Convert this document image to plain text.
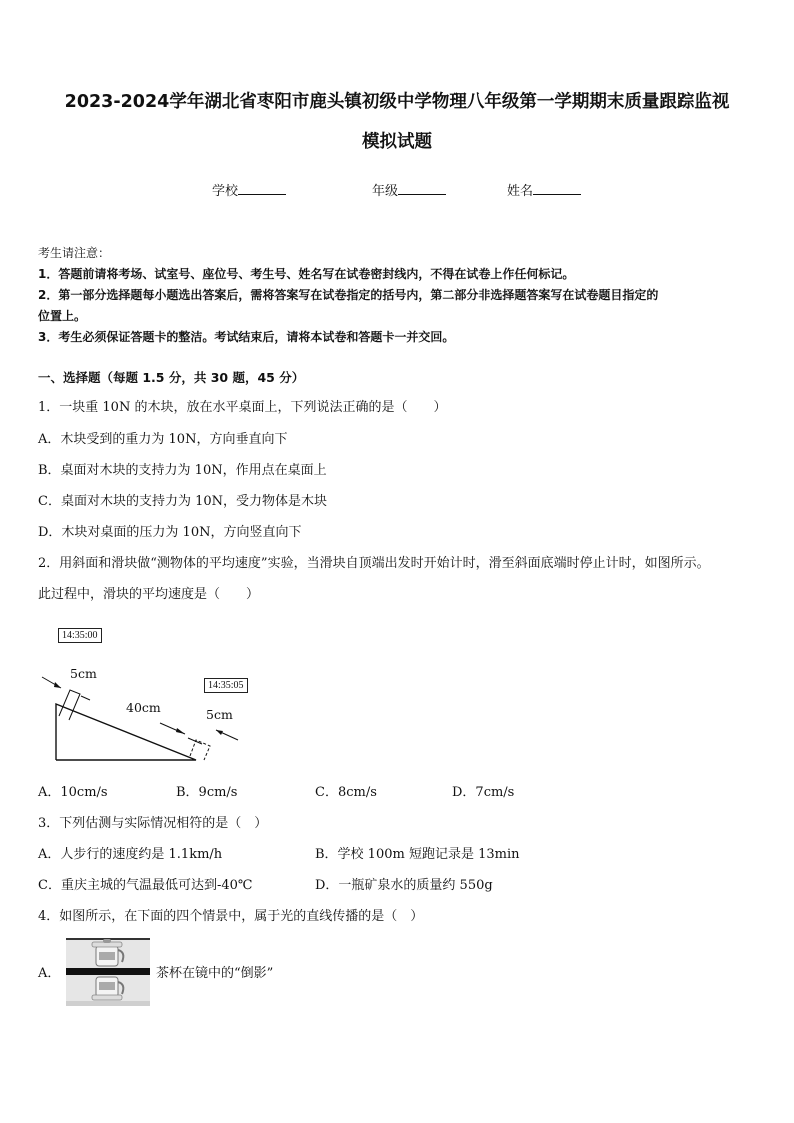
2023-2024学年湖北省枣阳市鹿头镇初级中学物理八年级第一学期期末质量跟踪监视
模拟试题
学校	年级	姓名
考生请注意：
1．答题前请将考场、试室号、座位号、考生号、姓名写在试卷密封线内，不得在试卷上作任何标记。
2．第一部分选择题每小题选出答案后，需将答案写在试卷指定的括号内，第二部分非选择题答案写在试卷题目指定的
位置上。
3．考生必须保证答题卡的整洁。考试结束后，请将本试卷和答题卡一并交回。
一、选择题（每题 1.5 分，共 30 题，45 分）
1．一块重 10N 的木块，放在水平桌面上，下列说法正确的是（　　）
A．木块受到的重力为 10N，方向垂直向下
B．桌面对木块的支持力为 10N，作用点在桌面上
C．桌面对木块的支持力为 10N，受力物体是木块
D．木块对桌面的压力为 10N，方向竖直向下
2．用斜面和滑块做“测物体的平均速度”实验，当滑块自顶端出发时开始计时，滑至斜面底端时停止计时，如图所示。
此过程中，滑块的平均速度是（　　）
14:35:00
14:35:05
5cm
40cm	5cm
A．10cm/s	B．9cm/s	C．8cm/s	D．7cm/s
3．下列估测与实际情况相符的是（　）
A．人步行的速度约是 1.1km/h	B．学校 100m 短跑记录是 13min
C．重庆主城的气温最低可达到-40℃	D．一瓶矿泉水的质量约 550g
4．如图所示，在下面的四个情景中，属于光的直线传播的是（　）
A．	茶杯在镜中的“倒影”
